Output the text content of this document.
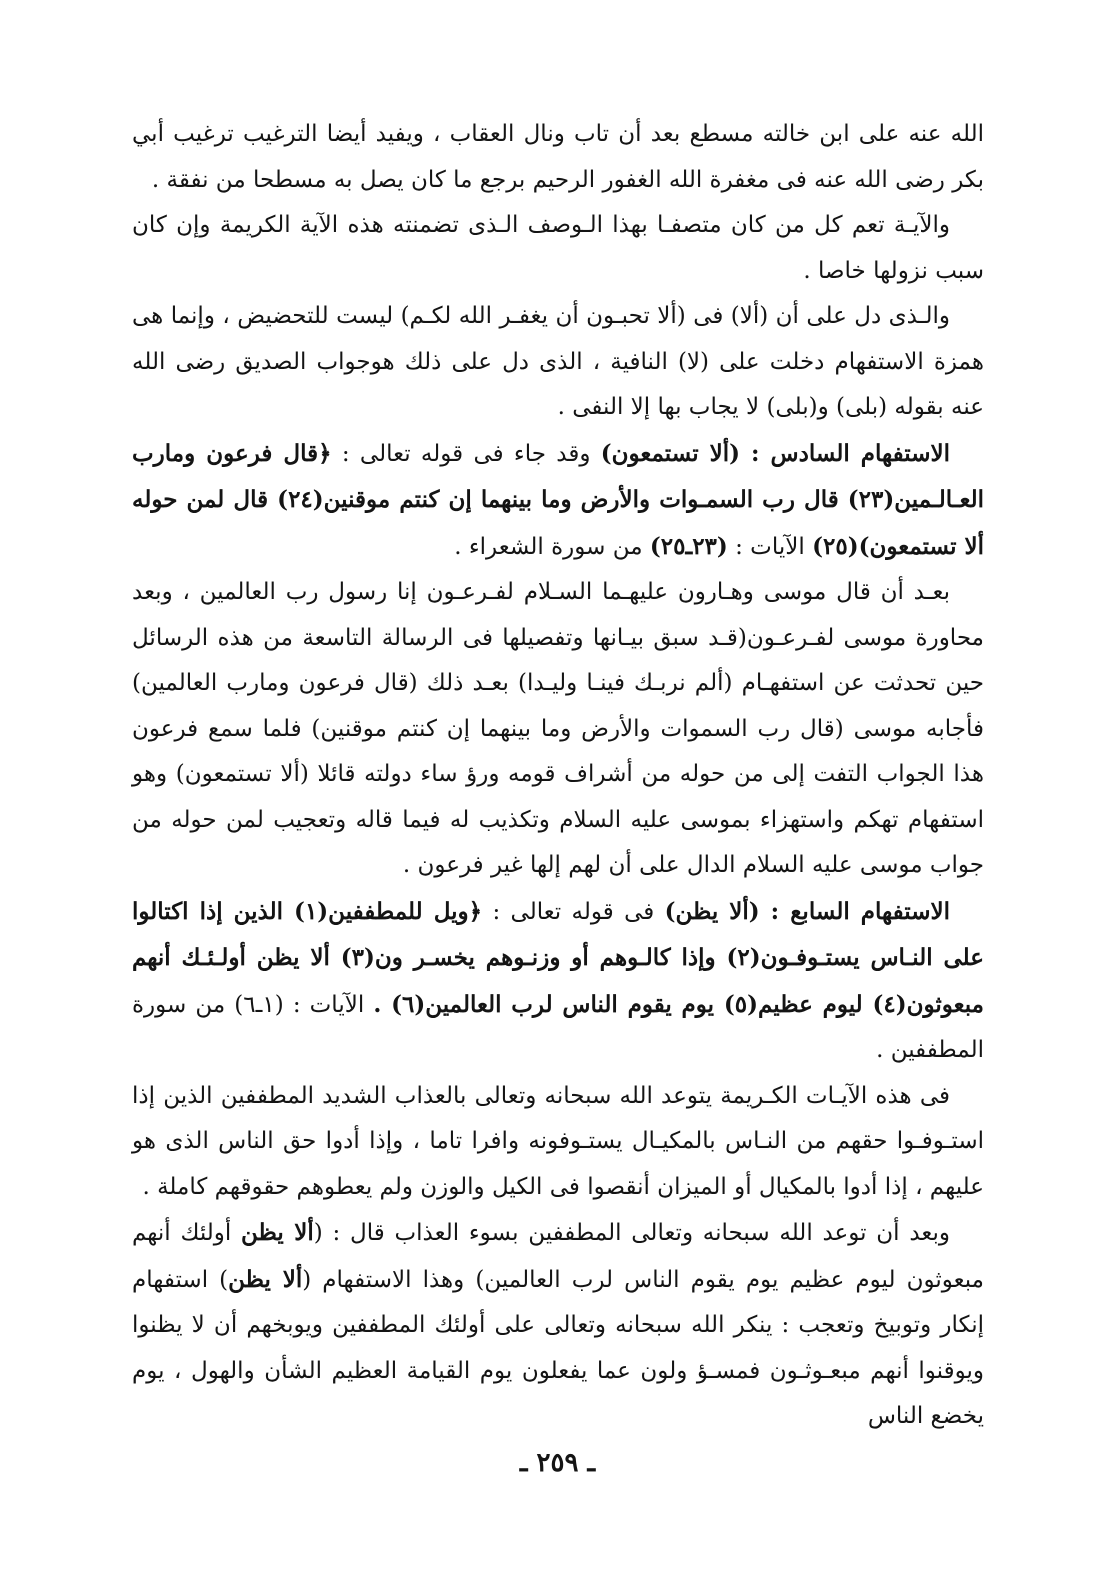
الله عنه على ابن خالته مسطع بعد أن تاب ونال العقاب ، ويفيد أيضا الترغيب ترغيب أبي بكر رضى الله عنه فى مغفرة الله الغفور الرحيم برجع ما كان يصل به مسطحا من نفقة .

والآيـة تعم كل من كان متصفـا بهذا الـوصف الـذى تضمنته هذه الآية الكريمة وإن كان سبب نزولها خاصا .

والـذى دل على أن (ألا) فى (ألا تحبـون أن يغفـر الله لكـم) ليست للتحضيض ، وإنما هى همزة الاستفهام دخلت على (لا) النافية ، الذى دل على ذلك هوجواب الصديق رضى الله عنه بقوله (بلى) و(بلى) لا يجاب بها إلا النفى .

الاستفهام السادس : (ألا تستمعون) وقد جاء فى قوله تعالى : ﴿قال فرعون ومارب العـالـمين(٢٣) قال رب السمـوات والأرض وما بينهما إن كنتم موقنين(٢٤) قال لمن حوله ألا تستمعون)(٢٥) الآيات : (٢٣ـ٢٥) من سورة الشعراء .

بعـد أن قال موسى وهـارون عليهـما السـلام لفـرعـون إنا رسول رب العالمين ، وبعد محاورة موسى لفـرعـون(قـد سبق بيـانها وتفصيلها فى الرسالة التاسعة من هذه الرسائل حين تحدثت عن استفهـام (ألم نربـك فينـا وليـدا) بعـد ذلك (قال فرعون ومارب العالمين) فأجابه موسى (قال رب السموات والأرض وما بينهما إن كنتم موقنين) فلما سمع فرعون هذا الجواب التفت إلى من حوله من أشراف قومه ورؤ ساء دولته قائلا (ألا تستمعون) وهو استفهام تهكم واستهزاء بموسى عليه السلام وتكذيب له فيما قاله وتعجيب لمن حوله من جواب موسى عليه السلام الدال على أن لهم إلها غير فرعون .

الاستفهام السابع : (ألا يظن) فى قوله تعالى : ﴿ويل للمطففين(١) الذين إذا اكتالوا على النـاس يستـوفـون(٢) وإذا كالـوهم أو وزنـوهم يخسـر ون(٣) ألا يظن أولـئـك أنهم مبعوثون(٤) ليوم عظيم(٥) يوم يقوم الناس لرب العالمين(٦) . الآيات : (١ـ٦) من سورة المطففين .

فى هذه الآيـات الكـريمة يتوعد الله سبحانه وتعالى بالعذاب الشديد المطففين الذين إذا استـوفـوا حقهم من النـاس بالمكيـال يستـوفونه وافرا تاما ، وإذا أدوا حق الناس الذى هو عليهم ، إذا أدوا بالمكيال أو الميزان أنقصوا فى الكيل والوزن ولم يعطوهم حقوقهم كاملة .

وبعد أن توعد الله سبحانه وتعالى المطففين بسوء العذاب قال : (ألا يظن أولئك أنهم مبعوثون ليوم عظيم يوم يقوم الناس لرب العالمين) وهذا الاستفهام (ألا يظن) استفهام إنكار وتوبيخ وتعجب : ينكر الله سبحانه وتعالى على أولئك المطففين ويوبخهم أن لا يظنوا ويوقنوا أنهم مبعـوثـون فمسـؤ ولون عما يفعلون يوم القيامة العظيم الشأن والهول ، يوم يخضع الناس

ـ ٢٥٩ ـ
